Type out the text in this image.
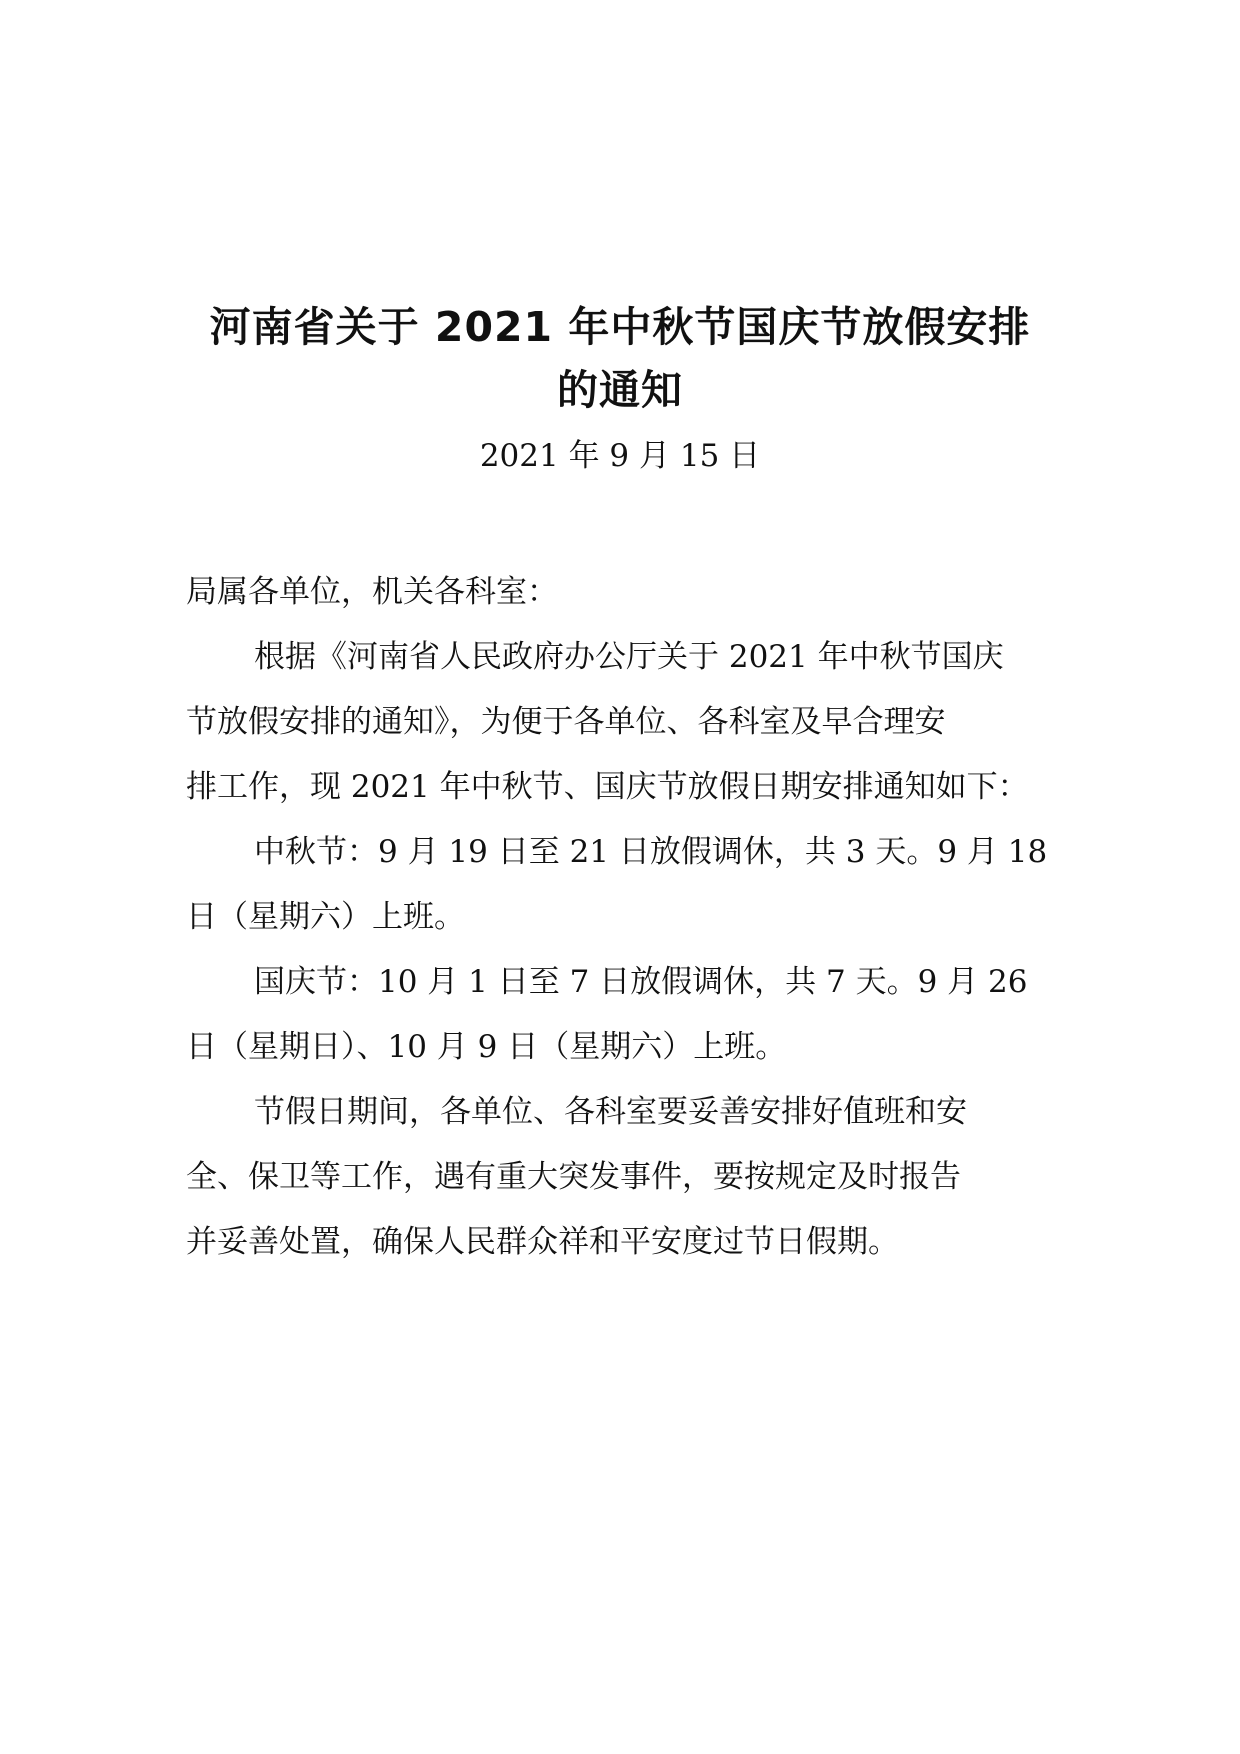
河南省关于 2021 年中秋节国庆节放假安排
的通知

2021 年 9 月 15 日

局属各单位，机关各科室：
根据《河南省人民政府办公厅关于 2021 年中秋节国庆
节放假安排的通知》，为便于各单位、各科室及早合理安
排工作，现 2021 年中秋节、国庆节放假日期安排通知如下：
中秋节：9 月 19 日至 21 日放假调休，共 3 天。9 月 18
日（星期六）上班。
国庆节：10 月 1 日至 7 日放假调休，共 7 天。9 月 26
日（星期日）、10 月 9 日（星期六）上班。
节假日期间，各单位、各科室要妥善安排好值班和安
全、保卫等工作，遇有重大突发事件，要按规定及时报告
并妥善处置，确保人民群众祥和平安度过节日假期。
